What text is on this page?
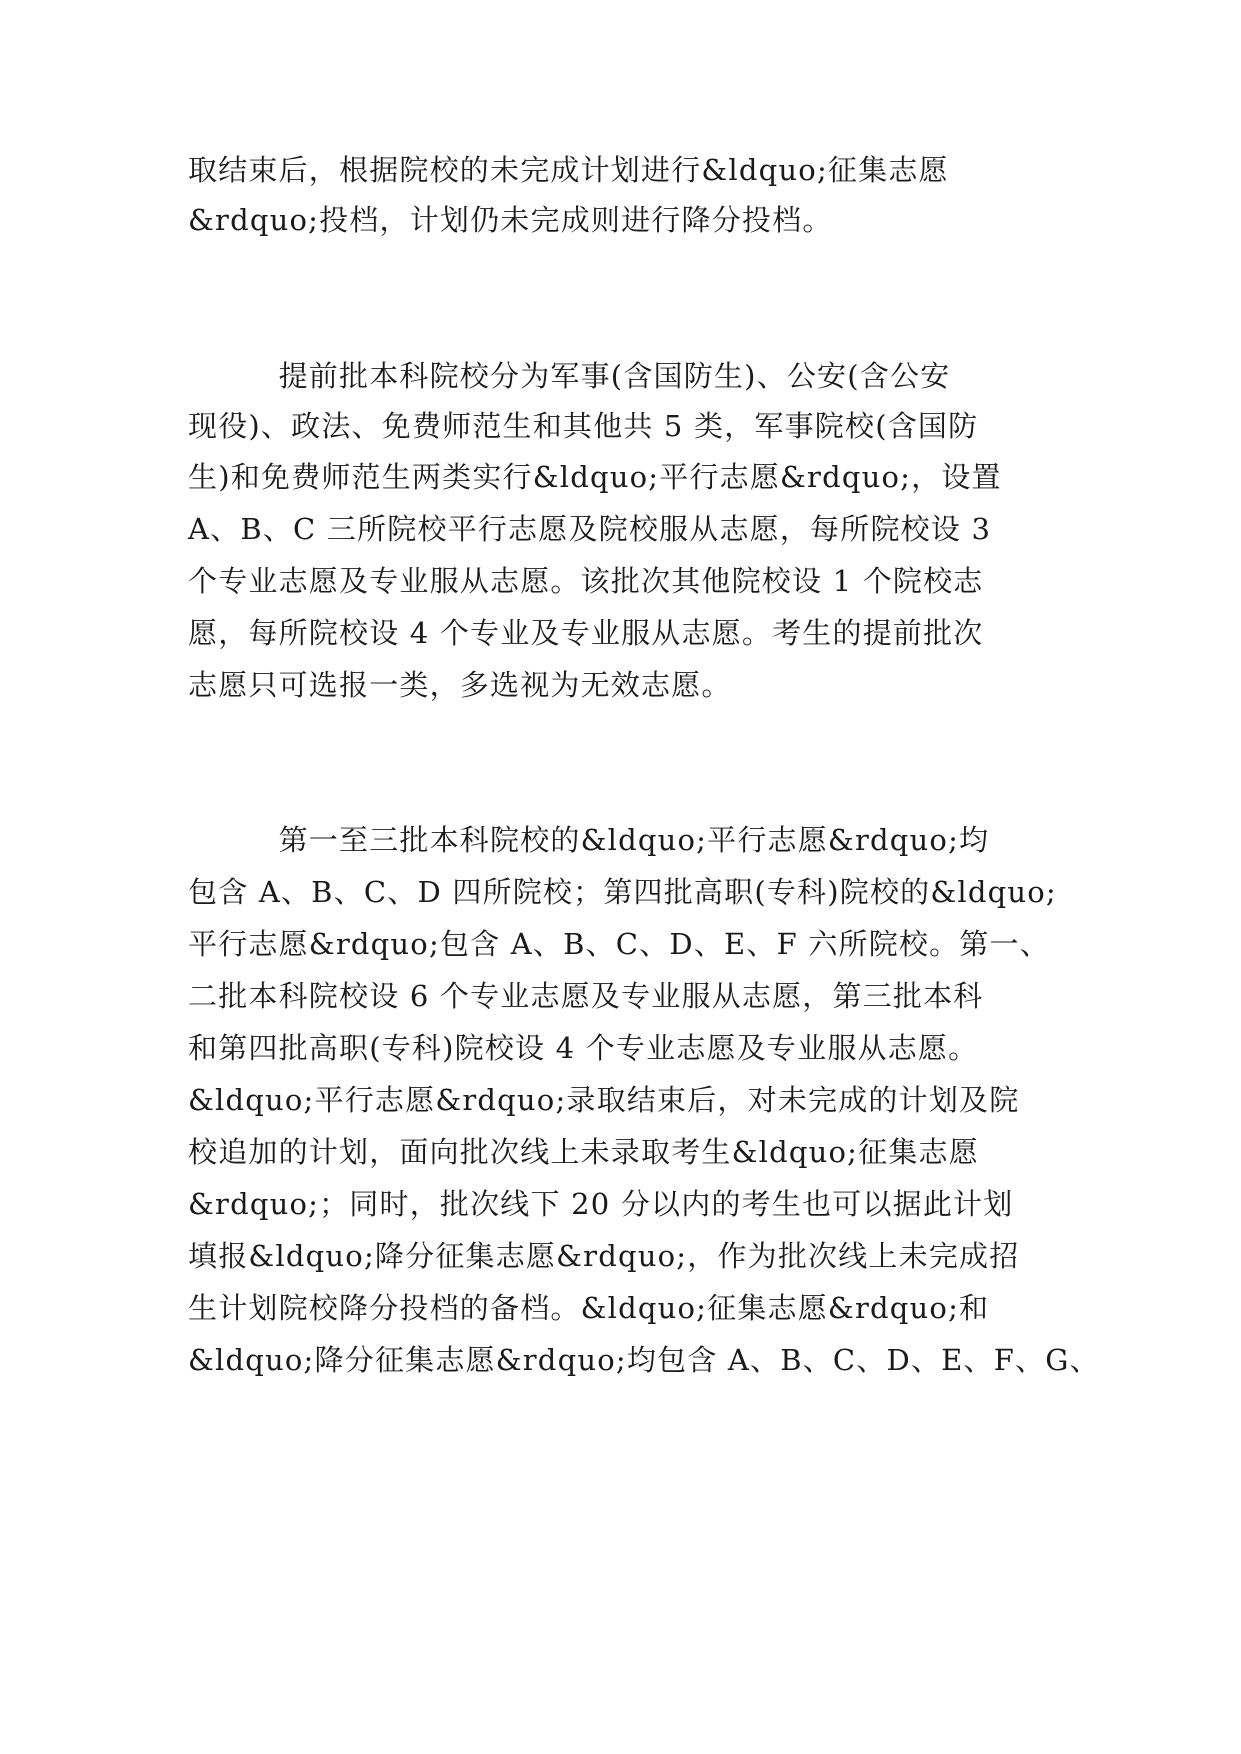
取结束后，根据院校的未完成计划进行&ldquo;征集志愿
&rdquo;投档，计划仍未完成则进行降分投档。
　　　提前批本科院校分为军事(含国防生)、公安(含公安
现役)、政法、免费师范生和其他共 5 类，军事院校(含国防
生)和免费师范生两类实行&ldquo;平行志愿&rdquo;，设置
A、B、C 三所院校平行志愿及院校服从志愿，每所院校设 3
个专业志愿及专业服从志愿。该批次其他院校设 1 个院校志
愿，每所院校设 4 个专业及专业服从志愿。考生的提前批次
志愿只可选报一类，多选视为无效志愿。
　　　第一至三批本科院校的&ldquo;平行志愿&rdquo;均
包含 A、B、C、D 四所院校；第四批高职(专科)院校的&ldquo;
平行志愿&rdquo;包含 A、B、C、D、E、F 六所院校。第一、
二批本科院校设 6 个专业志愿及专业服从志愿，第三批本科
和第四批高职(专科)院校设 4 个专业志愿及专业服从志愿。
&ldquo;平行志愿&rdquo;录取结束后，对未完成的计划及院
校追加的计划，面向批次线上未录取考生&ldquo;征集志愿
&rdquo;；同时，批次线下 20 分以内的考生也可以据此计划
填报&ldquo;降分征集志愿&rdquo;，作为批次线上未完成招
生计划院校降分投档的备档。&ldquo;征集志愿&rdquo;和
&ldquo;降分征集志愿&rdquo;均包含 A、B、C、D、E、F、G、
